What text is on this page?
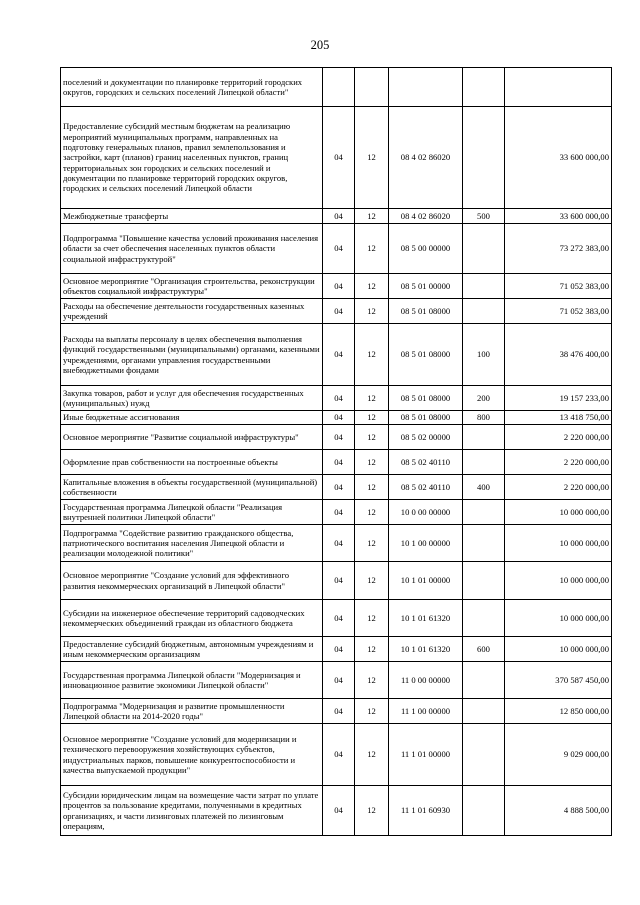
205
поселений и документации по планировке территорий городских округов, городских и сельских поселений Липецкой области"					
Предоставление субсидий местным бюджетам на реализацию мероприятий муниципальных программ, направленных на подготовку генеральных планов, правил землепользования и застройки, карт (планов) границ населенных пунктов, границ территориальных зон городских и сельских поселений и документации по планировке территорий городских округов, городских и сельских поселений Липецкой области	04	12	08 4 02 86020		33 600 000,00
Межбюджетные трансферты	04	12	08 4 02 86020	500	33 600 000,00
Подпрограмма "Повышение качества условий проживания населения области за счет обеспечения населенных пунктов области социальной инфраструктурой"	04	12	08 5 00 00000		73 272 383,00
Основное мероприятие "Организация строительства, реконструкции объектов социальной инфраструктуры"	04	12	08 5 01 00000		71 052 383,00
Расходы на обеспечение деятельности государственных казенных учреждений	04	12	08 5 01 08000		71 052 383,00
Расходы на выплаты персоналу в целях обеспечения выполнения функций государственными (муниципальными) органами, казенными учреждениями, органами управления государственными внебюджетными фондами	04	12	08 5 01 08000	100	38 476 400,00
Закупка товаров, работ и услуг для обеспечения государственных (муниципальных) нужд	04	12	08 5 01 08000	200	19 157 233,00
Иные бюджетные ассигнования	04	12	08 5 01 08000	800	13 418 750,00
Основное мероприятие "Развитие социальной инфраструктуры"	04	12	08 5 02 00000		2 220 000,00
Оформление прав собственности на построенные объекты	04	12	08 5 02 40110		2 220 000,00
Капитальные вложения в объекты государственной (муниципальной) собственности	04	12	08 5 02 40110	400	2 220 000,00
Государственная программа Липецкой области "Реализация внутренней политики Липецкой области"	04	12	10 0 00 00000		10 000 000,00
Подпрограмма "Содействие развитию гражданского общества, патриотического воспитания населения Липецкой области и реализации молодежной политики"	04	12	10 1 00 00000		10 000 000,00
Основное мероприятие "Создание условий для эффективного развития некоммерческих организаций в Липецкой области"	04	12	10 1 01 00000		10 000 000,00
Субсидии на инженерное обеспечение территорий садоводческих некоммерческих объединений граждан из областного бюджета	04	12	10 1 01 61320		10 000 000,00
Предоставление субсидий бюджетным, автономным учреждениям и иным некоммерческим организациям	04	12	10 1 01 61320	600	10 000 000,00
Государственная программа Липецкой области "Модернизация и инновационное развитие экономики Липецкой области"	04	12	11 0 00 00000		370 587 450,00
Подпрограмма "Модернизация и развитие промышленности Липецкой области на 2014-2020 годы"	04	12	11 1 00 00000		12 850 000,00
Основное мероприятие "Создание условий для модернизации и технического перевооружения хозяйствующих субъектов, индустриальных парков, повышение конкурентоспособности и качества выпускаемой продукции"	04	12	11 1 01 00000		9 029 000,00
Субсидии юридическим лицам на возмещение части затрат по уплате процентов за пользование кредитами, полученными в кредитных организациях, и части лизинговых платежей по лизинговым операциям,	04	12	11 1 01 60930		4 888 500,00
